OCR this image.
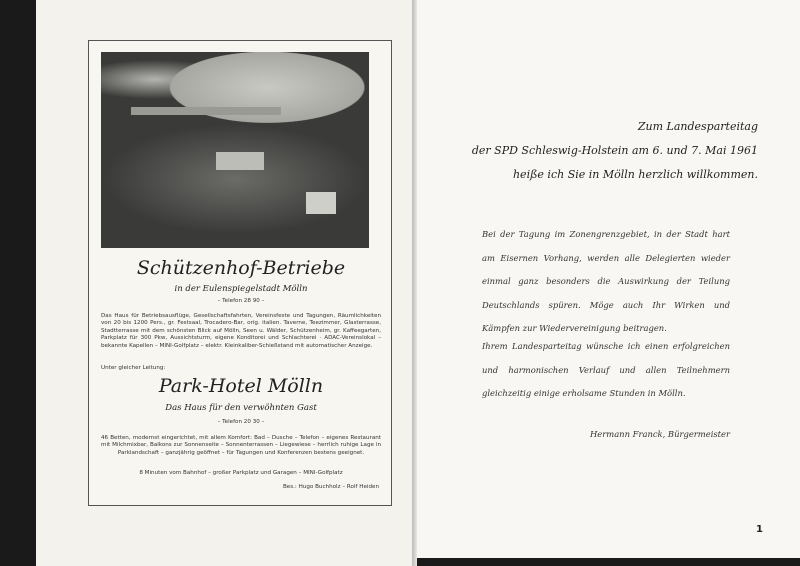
Schützenhof-Betriebe
in der Eulenspiegelstadt Mölln
– Telefon 28 90 –
Das Haus für Betriebsausflüge, Gesellschaftsfahrten, Vereinsfeste und Tagungen, Räumlichkeiten von 20 bis 1200 Pers., gr. Festsaal, Trocadero-Bar, orig. italien. Taverne, Teezimmer, Glasterrasse, Stadtterrasse mit dem schönsten Blick auf Mölln, Seen u. Wälder, Schützenheim, gr. Kaffeegarten, Parkplatz für 300 Pkw, Aussichtsturm, eigene Konditorei und Schlachterei · ADAC-Vereinslokal – bekannte Kapellen – MINI-Golfplatz – elektr. Kleinkaliber-Schießstand mit automatischer Anzeige.
Unter gleicher Leitung:
Park-Hotel Mölln
Das Haus für den verwöhnten Gast
– Telefon 20 30 –
46 Betten, modernst eingerichtet, mit allem Komfort: Bad – Dusche – Telefon – eigenes Restaurant mit Milchmixbar, Balkons zur Sonnenseite – Sonnenterrassen – Liegewiese – herrlich ruhige Lage in Parklandschaft – ganzjährig geöffnet – für Tagungen und Konferenzen bestens geeignet.
8 Minuten vom Bahnhof – großer Parkplatz und Garagen – MINI-Golfplatz
Bes.: Hugo Buchholz – Rolf Heiden
Zum Landesparteitag
der SPD Schleswig-Holstein am 6. und 7. Mai 1961
heiße ich Sie in Mölln herzlich willkommen.
Bei der Tagung im Zonengrenzgebiet, in der Stadt hart am Eisernen Vorhang, werden alle Delegierten wieder einmal ganz besonders die Auswirkung der Teilung Deutschlands spüren. Möge auch Ihr Wirken und Kämpfen zur Wiedervereinigung beitragen.
Ihrem Landesparteitag wünsche ich einen erfolgreichen und harmonischen Verlauf und allen Teilnehmern gleichzeitig einige erholsame Stunden in Mölln.
Hermann Franck, Bürgermeister
1
